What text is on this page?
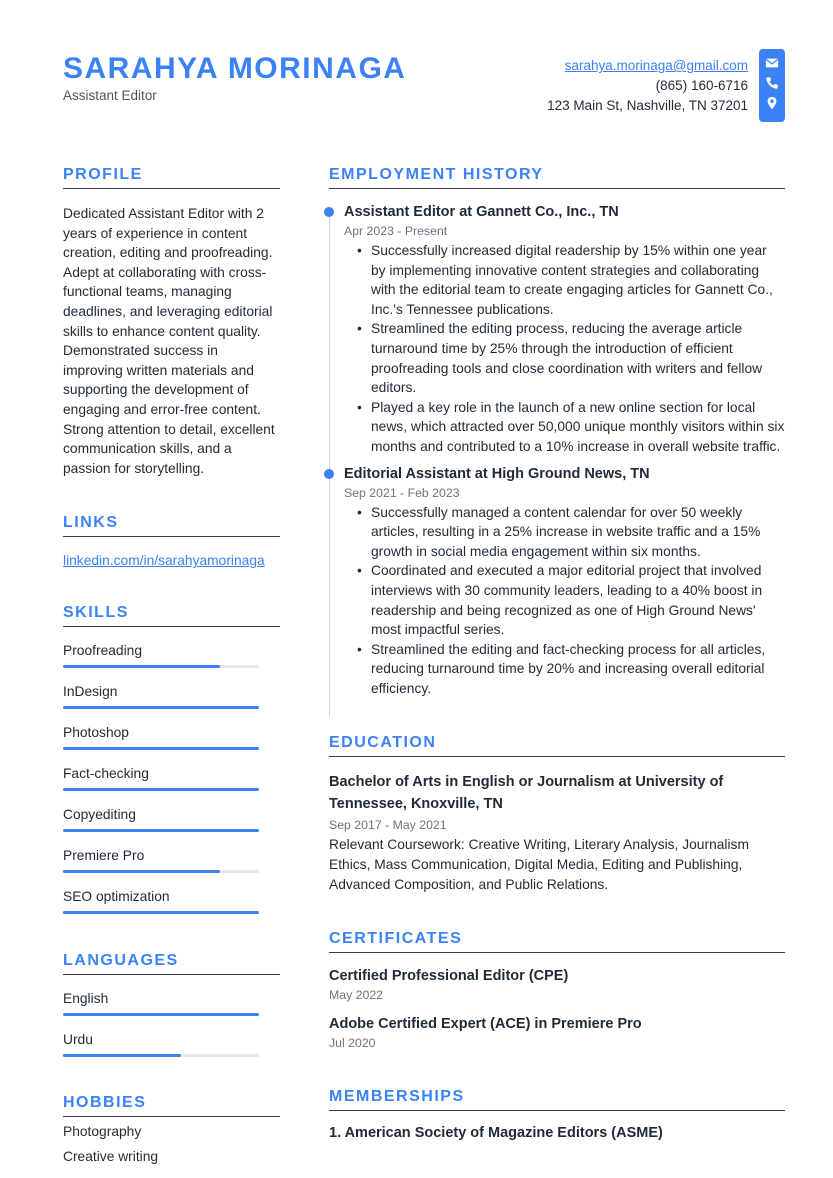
SARAHYA MORINAGA
Assistant Editor
sarahya.morinaga@gmail.com
(865) 160-6716
123 Main St, Nashville, TN 37201
PROFILE

Dedicated Assistant Editor with 2 years of experience in content creation, editing and proofreading. Adept at collaborating with cross-functional teams, managing deadlines, and leveraging editorial skills to enhance content quality. Demonstrated success in improving written materials and supporting the development of engaging and error-free content. Strong attention to detail, excellent communication skills, and a passion for storytelling.

LINKS
linkedin.com/in/sarahyamorinaga
SKILLS
Proofreading
InDesign
Photoshop
Fact-checking
Copyediting
Premiere Pro
SEO optimization
LANGUAGES
English
Urdu
HOBBIES
Photography
Creative writing
EMPLOYMENT HISTORY
Assistant Editor at Gannett Co., Inc., TN
Apr 2023 - Present
• Successfully increased digital readership by 15% within one year by implementing innovative content strategies and collaborating with the editorial team to create engaging articles for Gannett Co., Inc.'s Tennessee publications.
• Streamlined the editing process, reducing the average article turnaround time by 25% through the introduction of efficient proofreading tools and close coordination with writers and fellow editors.
• Played a key role in the launch of a new online section for local news, which attracted over 50,000 unique monthly visitors within six months and contributed to a 10% increase in overall website traffic.
Editorial Assistant at High Ground News, TN
Sep 2021 - Feb 2023
• Successfully managed a content calendar for over 50 weekly articles, resulting in a 25% increase in website traffic and a 15% growth in social media engagement within six months.
• Coordinated and executed a major editorial project that involved interviews with 30 community leaders, leading to a 40% boost in readership and being recognized as one of High Ground News' most impactful series.
• Streamlined the editing and fact-checking process for all articles, reducing turnaround time by 20% and increasing overall editorial efficiency.
EDUCATION
Bachelor of Arts in English or Journalism at University of Tennessee, Knoxville, TN
Sep 2017 - May 2021

Relevant Coursework: Creative Writing, Literary Analysis, Journalism Ethics, Mass Communication, Digital Media, Editing and Publishing, Advanced Composition, and Public Relations.

CERTIFICATES
Certified Professional Editor (CPE)
May 2022
Adobe Certified Expert (ACE) in Premiere Pro
Jul 2020
MEMBERSHIPS
1. American Society of Magazine Editors (ASME)
